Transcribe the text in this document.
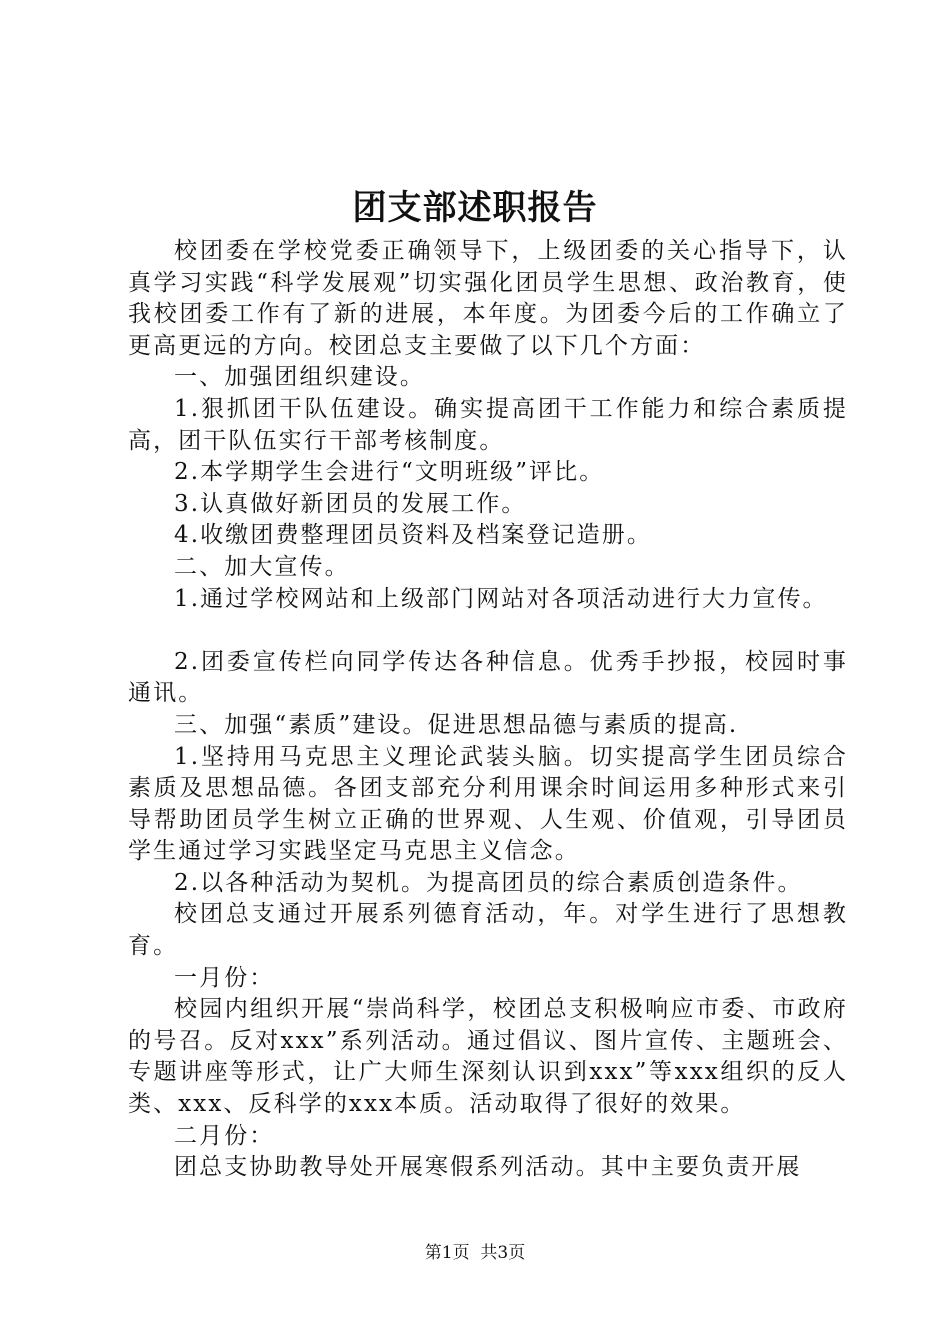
团支部述职报告

校团委在学校党委正确领导下，上级团委的关心指导下，认真学习实践“科学发展观”切实强化团员学生思想、政治教育，使我校团委工作有了新的进展，本年度。为团委今后的工作确立了更高更远的方向。校团总支主要做了以下几个方面：

一、加强团组织建设。

1.狠抓团干队伍建设。确实提高团干工作能力和综合素质提高，团干队伍实行干部考核制度。

2.本学期学生会进行“文明班级”评比。

3.认真做好新团员的发展工作。

4.收缴团费整理团员资料及档案登记造册。

二、加大宣传。

1.通过学校网站和上级部门网站对各项活动进行大力宣传。

2.团委宣传栏向同学传达各种信息。优秀手抄报，校园时事通讯。

三、加强“素质”建设。促进思想品德与素质的提高.

1.坚持用马克思主义理论武装头脑。切实提高学生团员综合素质及思想品德。各团支部充分利用课余时间运用多种形式来引导帮助团员学生树立正确的世界观、人生观、价值观，引导团员学生通过学习实践坚定马克思主义信念。

2.以各种活动为契机。为提高团员的综合素质创造条件。

校团总支通过开展系列德育活动，年。对学生进行了思想教育。

一月份：

校园内组织开展“崇尚科学，校团总支积极响应市委、市政府的号召。反对xxx”系列活动。通过倡议、图片宣传、主题班会、专题讲座等形式，让广大师生深刻认识到xxx”等xxx组织的反人类、xxx、反科学的xxx本质。活动取得了很好的效果。

二月份：

团总支协助教导处开展寒假系列活动。其中主要负责开展

第1页  共3页
